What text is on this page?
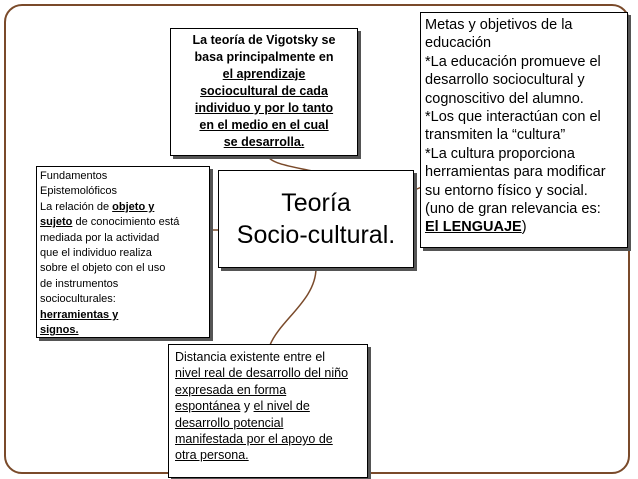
La teoría de Vigotsky se
basa principalmente en
el aprendizaje
sociocultural de cada
individuo y por lo tanto
en el medio en el cual
se desarrolla.
Teoría
Socio-cultural.
Metas y objetivos de la
educación
*La educación promueve el
desarrollo sociocultural y
cognoscitivo del alumno.
*Los que interactúan con el
transmiten la “cultura”
*La cultura proporciona
herramientas para modificar
su entorno físico y social.
(uno de gran relevancia es:
El LENGUAJE)
Fundamentos
Epistemolóficos
La relación de objeto y
sujeto de conocimiento está
mediada por la actividad
que el individuo realiza
sobre el objeto con el uso
de instrumentos
socioculturales:
herramientas y
signos.
Distancia existente entre el
nivel real de desarrollo del niño
expresada en forma
espontánea y el nivel de
desarrollo potencial
manifestada por el apoyo de
otra persona.
